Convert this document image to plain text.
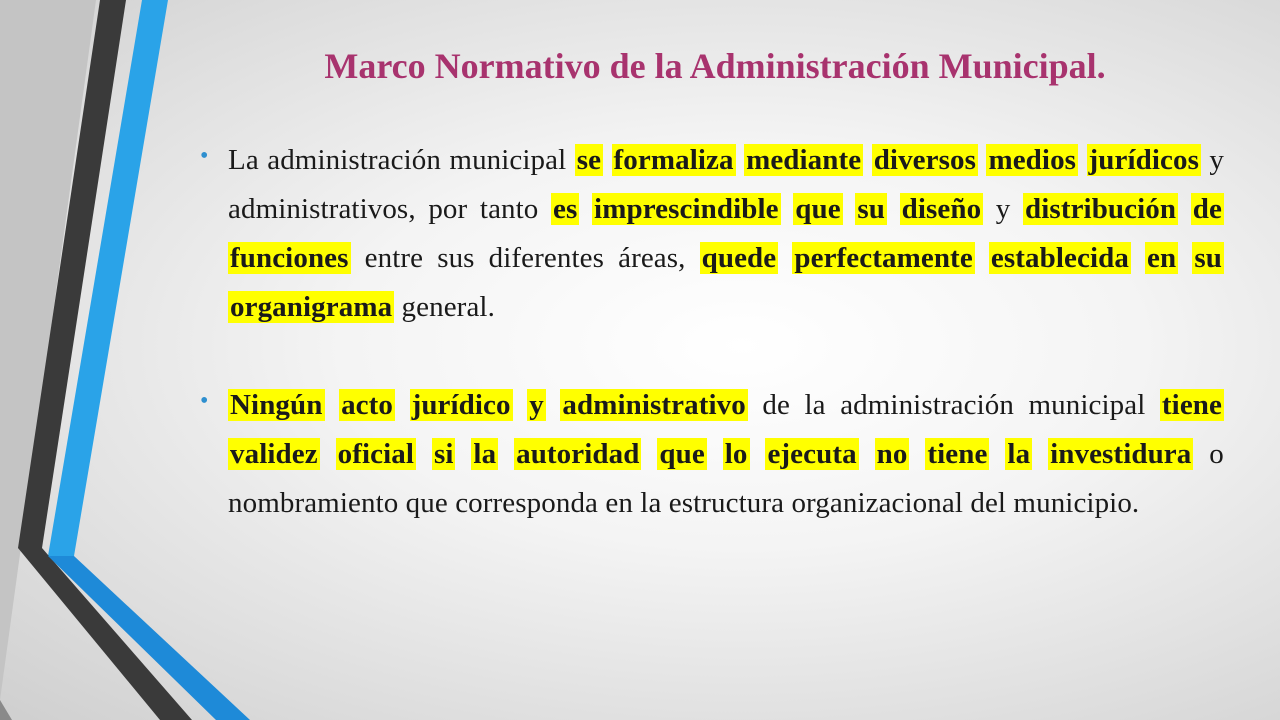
Marco Normativo de la Administración Municipal.
• La administración municipal se formaliza mediante diversos medios jurídicos y administrativos, por tanto es imprescindible que su diseño y distribución de funciones entre sus diferentes áreas, quede perfectamente establecida en su organigrama general.
• Ningún acto jurídico y administrativo de la administración municipal tiene validez oficial si la autoridad que lo ejecuta no tiene la investidura o nombramiento que corresponda en la estructura organizacional del municipio.
